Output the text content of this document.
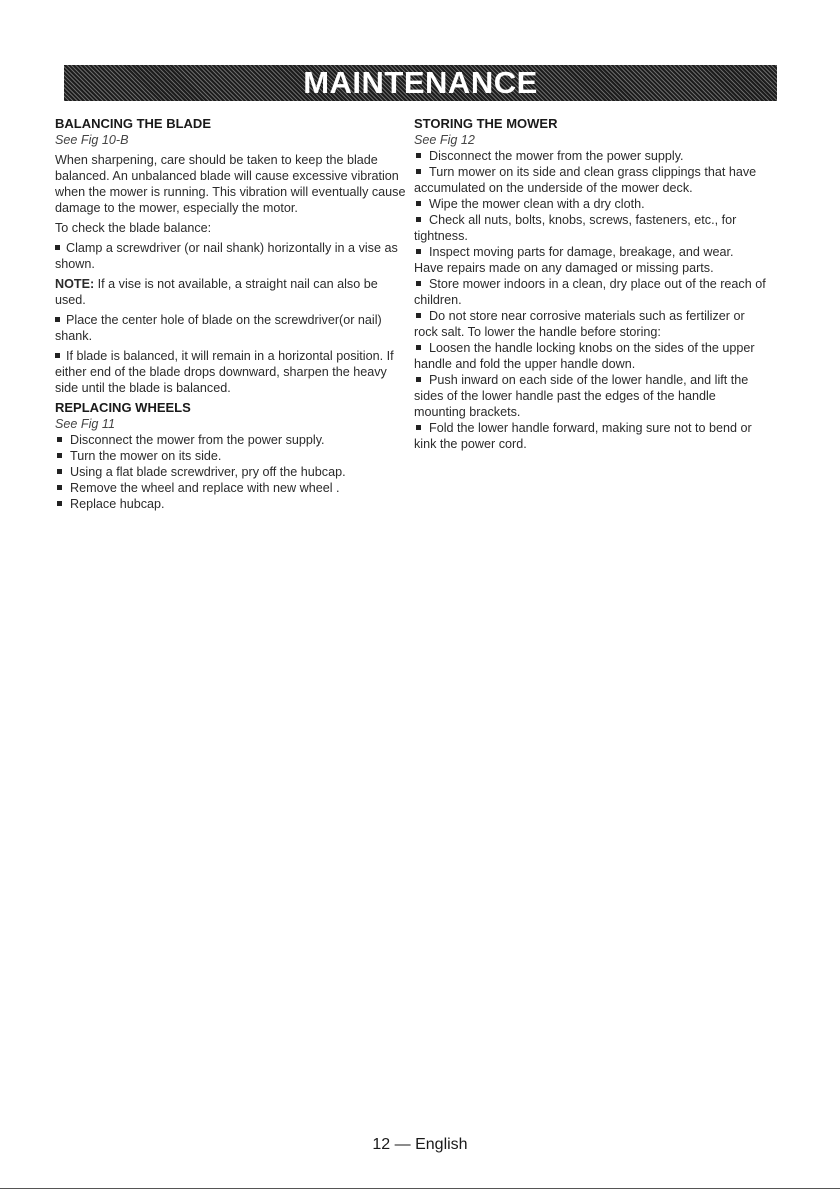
MAINTENANCE
BALANCING THE BLADE
See Fig 10-B

When sharpening, care should be taken to keep the blade balanced. An unbalanced blade will cause excessive vibration when the mower is running. This vibration will eventually cause damage to the mower, especially the motor.

To check the blade balance:

Clamp a screwdriver (or nail shank) horizontally in a vise as shown.

NOTE: If a vise is not available, a straight nail can also be used.

Place the center hole of blade on the screwdriver(or nail) shank.
If blade is balanced, it will remain in a horizontal position. If either end of the blade drops downward, sharpen the heavy side until the blade is balanced.
REPLACING WHEELS
See Fig 11
Disconnect the mower from the power supply.
Turn the mower on its side.
Using a flat blade screwdriver, pry off the hubcap.
Remove the wheel and replace with new wheel .
Replace hubcap.
STORING THE MOWER
See Fig 12
Disconnect the mower from the power supply.
Turn mower on its side and clean grass clippings that have accumulated on the underside of the mower deck.
Wipe the mower clean with a dry cloth.
Check all nuts, bolts, knobs, screws, fasteners, etc., for tightness.
Inspect moving parts for damage, breakage, and wear. Have repairs made on any damaged or missing parts.
Store mower indoors in a clean, dry place out of the reach of children.
Do not store near corrosive materials such as fertilizer or rock salt. To lower the handle before storing:
Loosen the handle locking knobs on the sides of the upper handle and fold the upper handle down.
Push inward on each side of the lower handle, and lift the sides of the lower handle past the edges of the handle mounting brackets.
Fold the lower handle forward, making sure not to bend or kink the power cord.
12 — English
